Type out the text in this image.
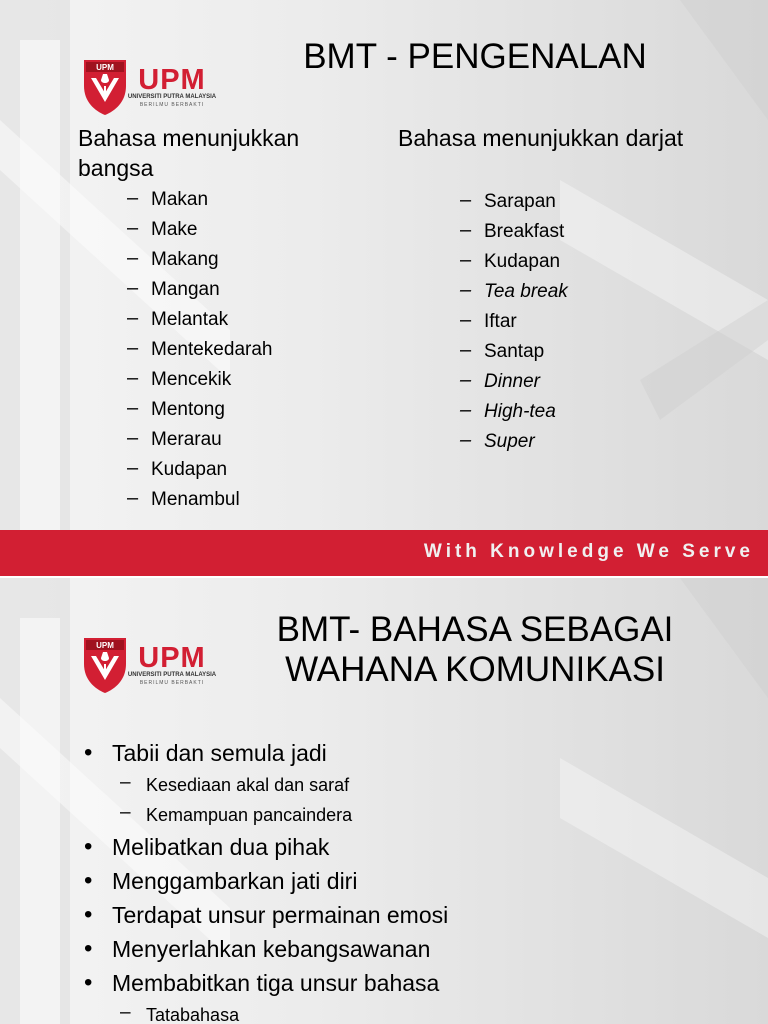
BMT - PENGENALAN
Bahasa menunjukkan bangsa
Bahasa menunjukkan darjat
– Makan
– Make
– Makang
– Mangan
– Melantak
– Mentekedarah
– Mencekik
– Mentong
– Merarau
– Kudapan
– Menambul
– Sarapan
– Breakfast
– Kudapan
– Tea break
– Iftar
– Santap
– Dinner
– High-tea
– Super
With Knowledge We Serve
BMT- BAHASA SEBAGAI WAHANA KOMUNIKASI
• Tabii dan semula jadi
– Kesediaan akal dan saraf
– Kemampuan pancaindera
• Melibatkan dua pihak
• Menggambarkan jati diri
• Terdapat unsur permainan emosi
• Menyerlahkan kebangsawanan
• Membabitkan tiga unsur bahasa
– Tatabahasa
